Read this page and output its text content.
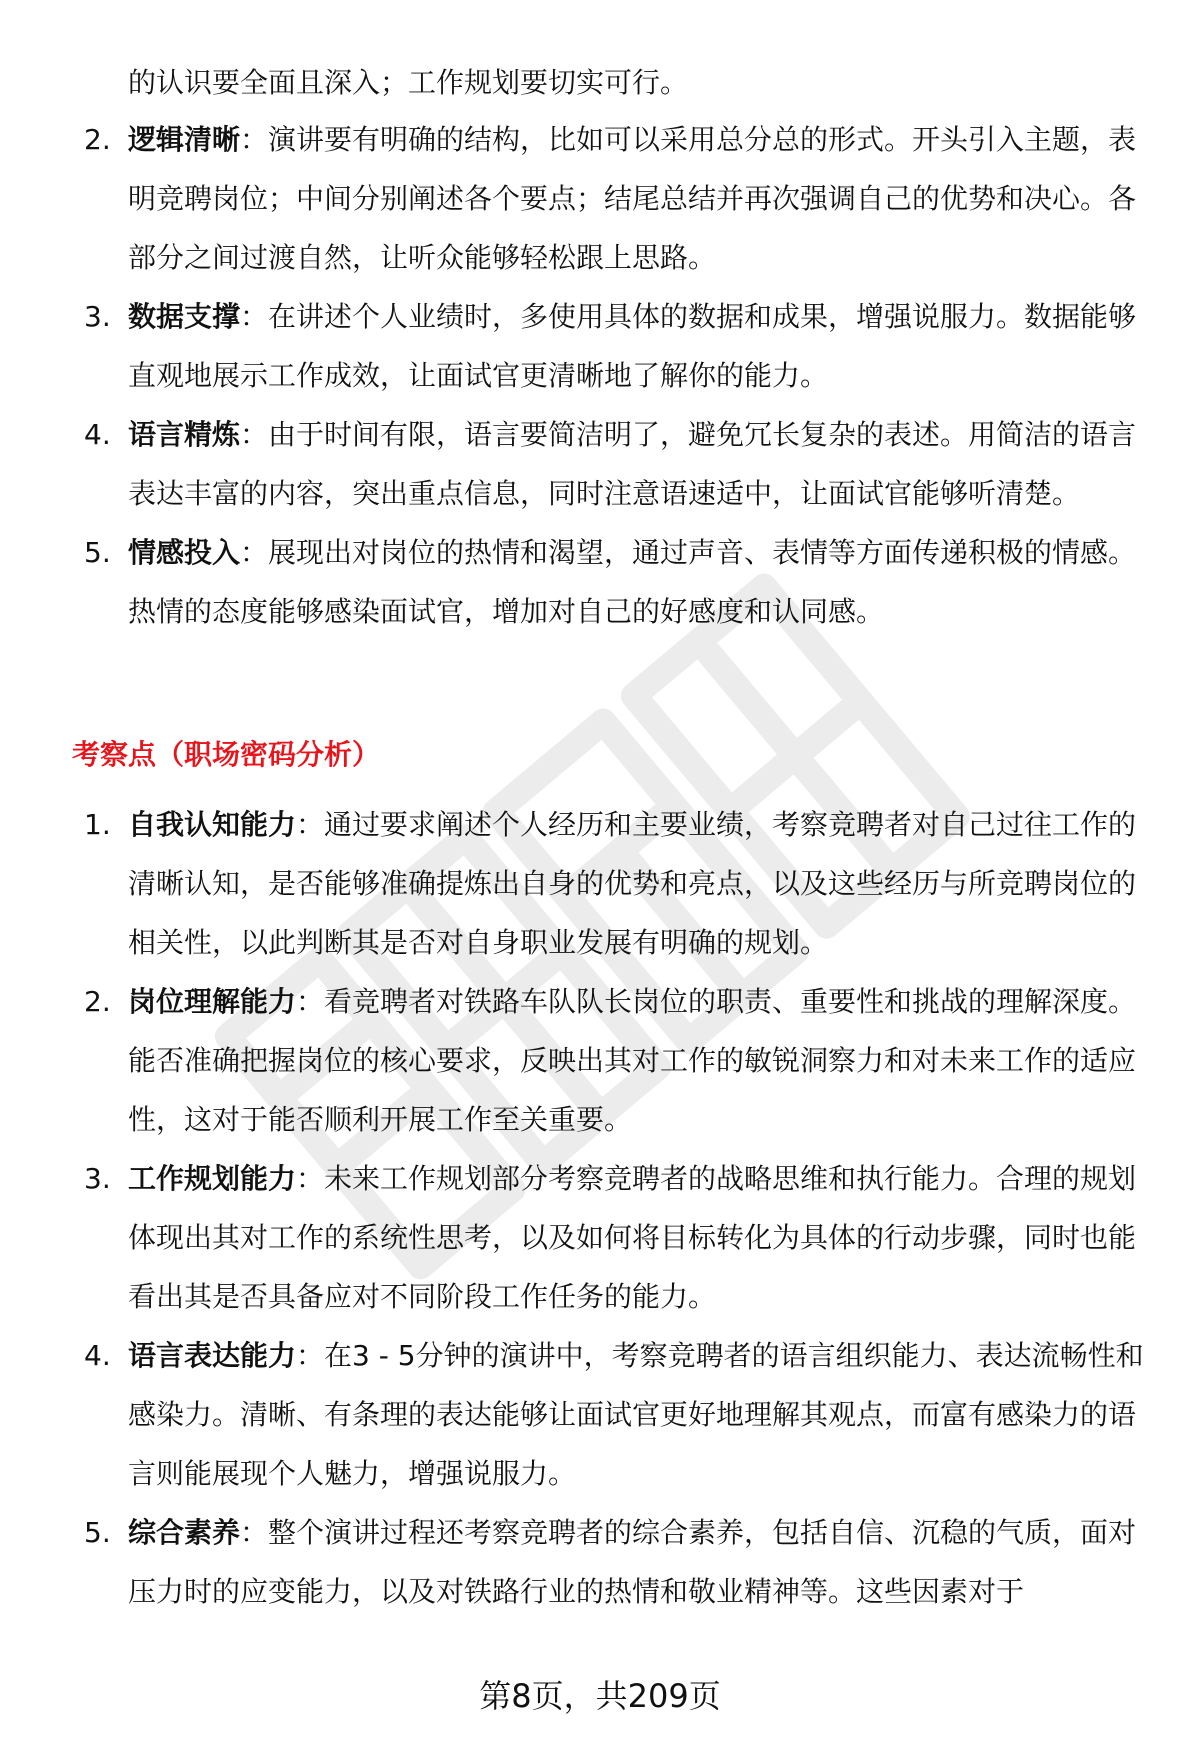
的认识要全面且深入；工作规划要切实可行。
2. 逻辑清晰：演讲要有明确的结构，比如可以采用总分总的形式。开头引入主题，表明竞聘岗位；中间分别阐述各个要点；结尾总结并再次强调自己的优势和决心。各部分之间过渡自然，让听众能够轻松跟上思路。
3. 数据支撑：在讲述个人业绩时，多使用具体的数据和成果，增强说服力。数据能够直观地展示工作成效，让面试官更清晰地了解你的能力。
4. 语言精炼：由于时间有限，语言要简洁明了，避免冗长复杂的表述。用简洁的语言表达丰富的内容，突出重点信息，同时注意语速适中，让面试官能够听清楚。
5. 情感投入：展现出对岗位的热情和渴望，通过声音、表情等方面传递积极的情感。热情的态度能够感染面试官，增加对自己的好感度和认同感。
考察点（职场密码分析）
1. 自我认知能力：通过要求阐述个人经历和主要业绩，考察竞聘者对自己过往工作的清晰认知，是否能够准确提炼出自身的优势和亮点，以及这些经历与所竞聘岗位的相关性，以此判断其是否对自身职业发展有明确的规划。
2. 岗位理解能力：看竞聘者对铁路车队队长岗位的职责、重要性和挑战的理解深度。能否准确把握岗位的核心要求，反映出其对工作的敏锐洞察力和对未来工作的适应性，这对于能否顺利开展工作至关重要。
3. 工作规划能力：未来工作规划部分考察竞聘者的战略思维和执行能力。合理的规划体现出其对工作的系统性思考，以及如何将目标转化为具体的行动步骤，同时也能看出其是否具备应对不同阶段工作任务的能力。
4. 语言表达能力：在3 - 5分钟的演讲中，考察竞聘者的语言组织能力、表达流畅性和感染力。清晰、有条理的表达能够让面试官更好地理解其观点，而富有感染力的语言则能展现个人魅力，增强说服力。
5. 综合素养：整个演讲过程还考察竞聘者的综合素养，包括自信、沉稳的气质，面对压力时的应变能力，以及对铁路行业的热情和敬业精神等。这些因素对于
第8页，共209页
